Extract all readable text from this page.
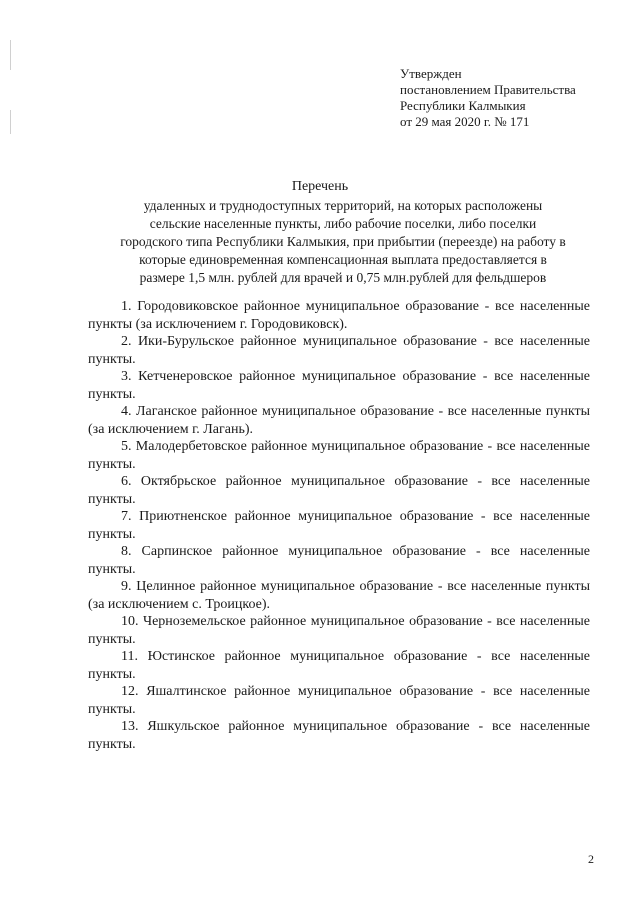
Утвержден
постановлением Правительства
Республики Калмыкия
от 29 мая 2020 г. № 171
Перечень
удаленных и труднодоступных территорий, на которых расположены
сельские населенные пункты, либо рабочие поселки, либо поселки
городского типа Республики Калмыкия, при прибытии (переезде) на работу в
которые единовременная компенсационная выплата предоставляется в
размере 1,5 млн. рублей для врачей и 0,75 млн.рублей для фельдшеров

1. Городовиковское районное муниципальное образование - все населенные пункты (за исключением г. Городовиковск).

2. Ики-Бурульское районное муниципальное образование - все населенные пункты.

3. Кетченеровское районное муниципальное образование - все населенные пункты.

4. Лаганское районное муниципальное образование - все населенные пункты (за исключением г. Лагань).

5. Малодербетовское районное муниципальное образование - все населенные пункты.

6. Октябрьское районное муниципальное образование - все населенные пункты.

7. Приютненское районное муниципальное образование - все населенные пункты.

8. Сарпинское районное муниципальное образование - все населенные пункты.

9. Целинное районное муниципальное образование - все населенные пункты (за исключением с. Троицкое).

10. Черноземельское районное муниципальное образование - все населенные пункты.

11. Юстинское районное муниципальное образование - все населенные пункты.

12. Яшалтинское районное муниципальное образование - все населенные пункты.

13. Яшкульское районное муниципальное образование - все населенные пункты.

2
